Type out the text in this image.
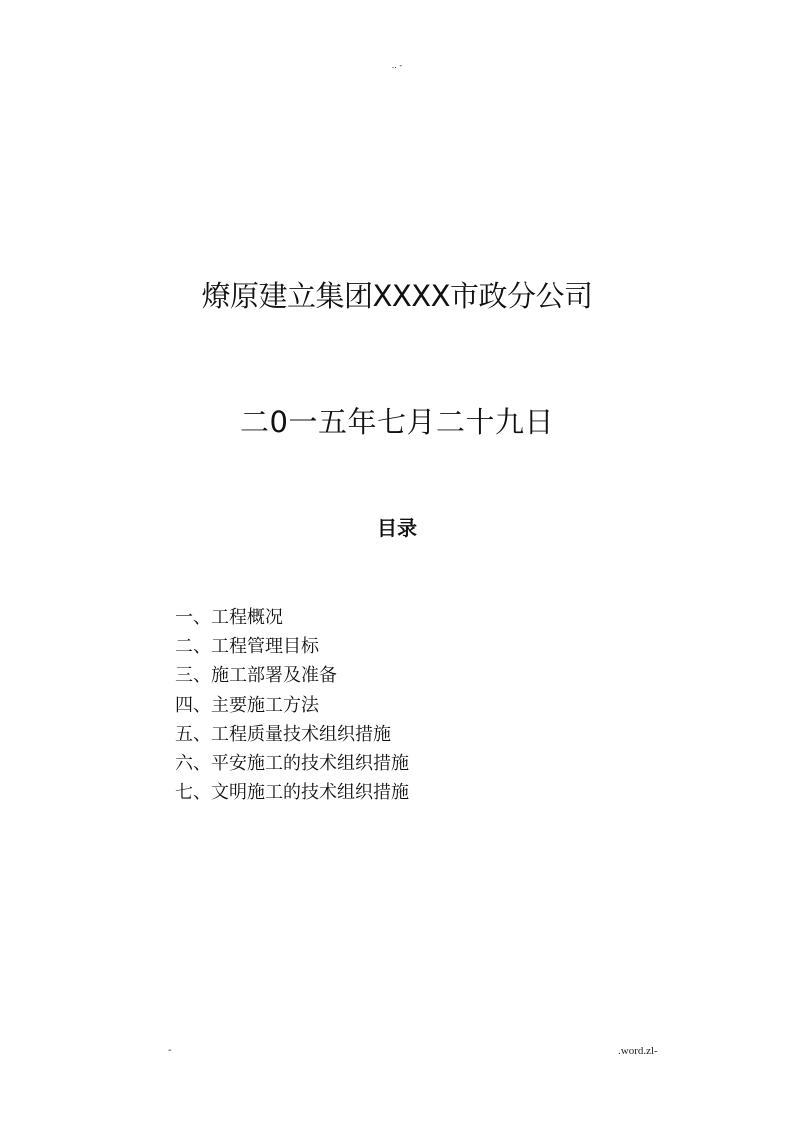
.. -
燎原建立集团XXXX市政分公司
二0一五年七月二十九日
目录
一、工程概况
二、工程管理目标
三、施工部署及准备
四、主要施工方法
五、工程质量技术组织措施
六、平安施工的技术组织措施
七、文明施工的技术组织措施
-	.word.zl-
